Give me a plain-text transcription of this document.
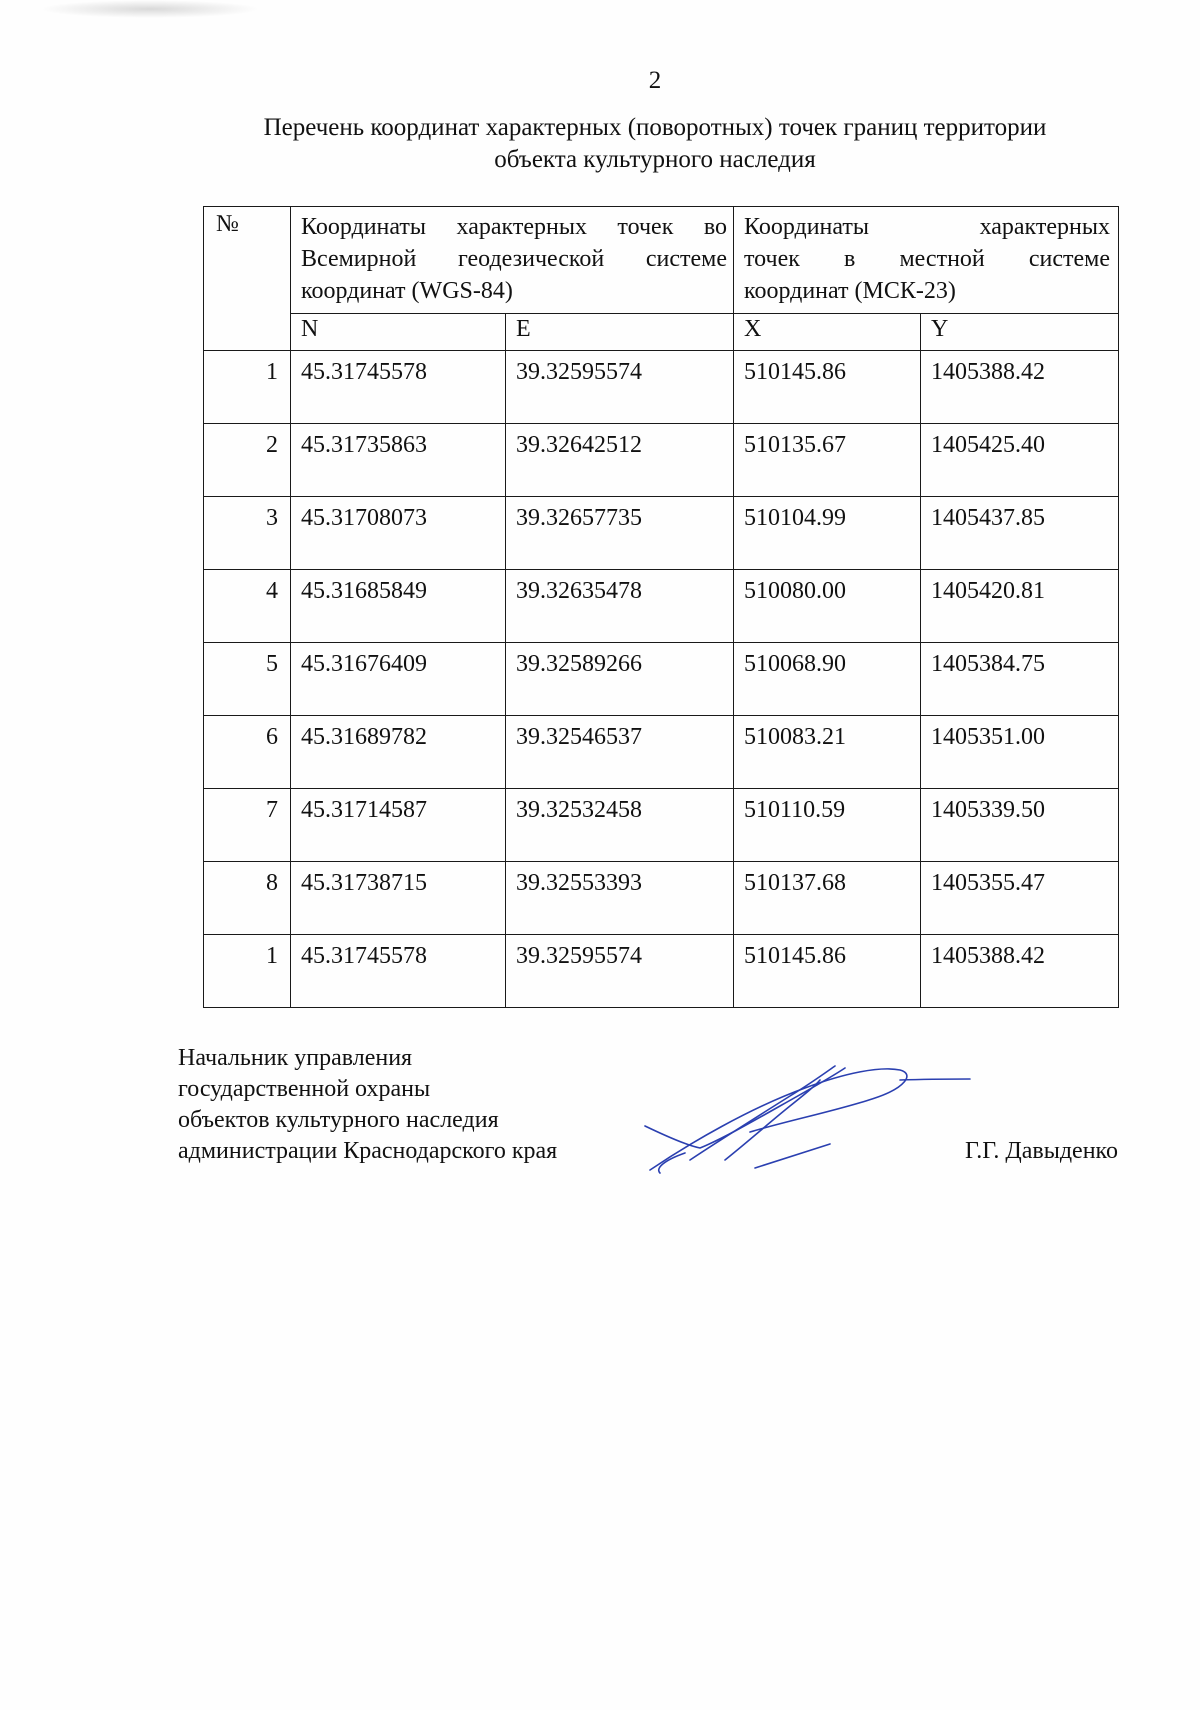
2
Перечень координат характерных (поворотных) точек границ территории
объекта культурного наследия
№	Координаты характерных точек во Всемирной геодезической системе координат (WGS-84)		Координаты характерных
точек в местной системе
координат (МСК-23)	

	N	E	X	Y
1	45.31745578	39.32595574	510145.86	1405388.42
2	45.31735863	39.32642512	510135.67	1405425.40
3	45.31708073	39.32657735	510104.99	1405437.85
4	45.31685849	39.32635478	510080.00	1405420.81
5	45.31676409	39.32589266	510068.90	1405384.75
6	45.31689782	39.32546537	510083.21	1405351.00
7	45.31714587	39.32532458	510110.59	1405339.50
8	45.31738715	39.32553393	510137.68	1405355.47
1	45.31745578	39.32595574	510145.86	1405388.42
Начальник управления
государственной охраны
объектов культурного наследия
администрации Краснодарского края	Г.Г. Давыденко
